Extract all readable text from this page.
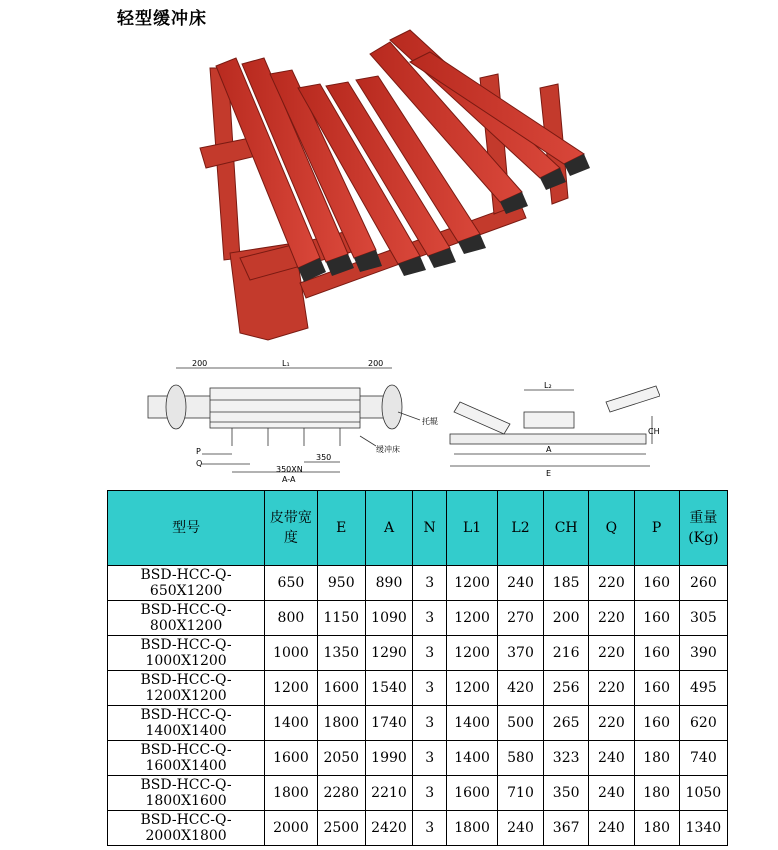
轻型缓冲床
200	L₁	200
托辊
缓冲床
P
Q
350
350XN
A-A
L₂
CH
A
E
型号	皮带宽度	E	A	N	L1	L2	CH	Q	P	重量(Kg)
BSD-HCC-Q-650X1200	650	950	890	3	1200	240	185	220	160	260
BSD-HCC-Q-800X1200	800	1150	1090	3	1200	270	200	220	160	305
BSD-HCC-Q-1000X1200	1000	1350	1290	3	1200	370	216	220	160	390
BSD-HCC-Q-1200X1200	1200	1600	1540	3	1200	420	256	220	160	495
BSD-HCC-Q-1400X1400	1400	1800	1740	3	1400	500	265	220	160	620
BSD-HCC-Q-1600X1400	1600	2050	1990	3	1400	580	323	240	180	740
BSD-HCC-Q-1800X1600	1800	2280	2210	3	1600	710	350	240	180	1050
BSD-HCC-Q-2000X1800	2000	2500	2420	3	1800	240	367	240	180	1340
